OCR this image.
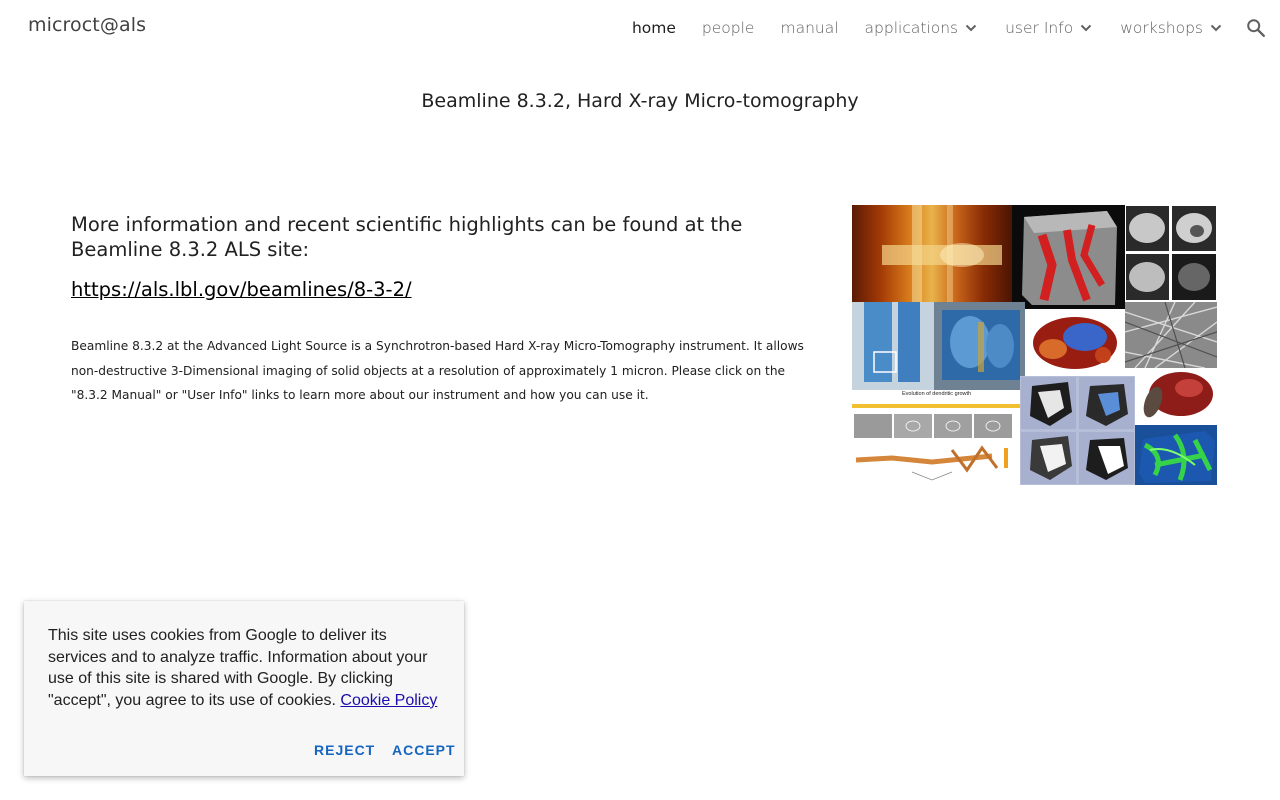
microct@als	home people manual applications	user Info	workshops
Beamline 8.3.2, Hard X-ray Micro-tomography
More information and recent scientific highlights can be found at the Beamline 8.3.2 ALS site:
https://als.lbl.gov/beamlines/8-3-2/
Beamline 8.3.2 at the Advanced Light Source is a Synchrotron-based Hard X-ray Micro-Tomography instrument. It allows non-destructive 3-Dimensional imaging of solid objects at a resolution of approximately 1 micron. Please click on the "8.3.2 Manual" or "User Info" links to learn more about our instrument and how you can use it.	Evolution of dendritic growth
This site uses cookies from Google to deliver its services and to analyze traffic. Information about your use of this site is shared with Google. By clicking "accept", you agree to its use of cookies. Cookie Policy
REJECT ACCEPT
